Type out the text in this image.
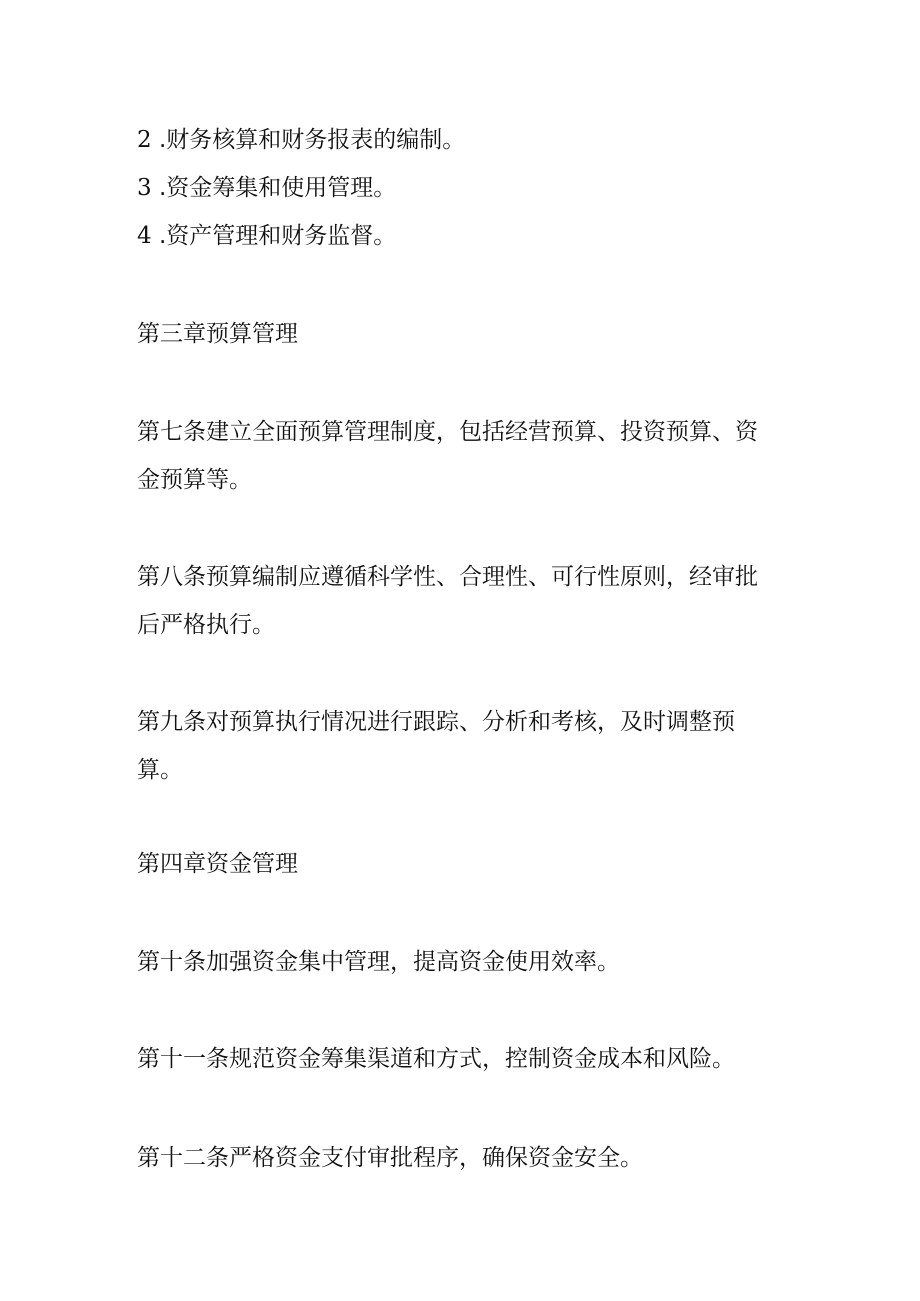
2 .财务核算和财务报表的编制。
3 .资金筹集和使用管理。
4 .资产管理和财务监督。
第三章预算管理
第七条建立全面预算管理制度，包括经营预算、投资预算、资金预算等。
第八条预算编制应遵循科学性、合理性、可行性原则，经审批后严格执行。
第九条对预算执行情况进行跟踪、分析和考核，及时调整预算。
第四章资金管理
第十条加强资金集中管理，提高资金使用效率。
第十一条规范资金筹集渠道和方式，控制资金成本和风险。
第十二条严格资金支付审批程序，确保资金安全。
